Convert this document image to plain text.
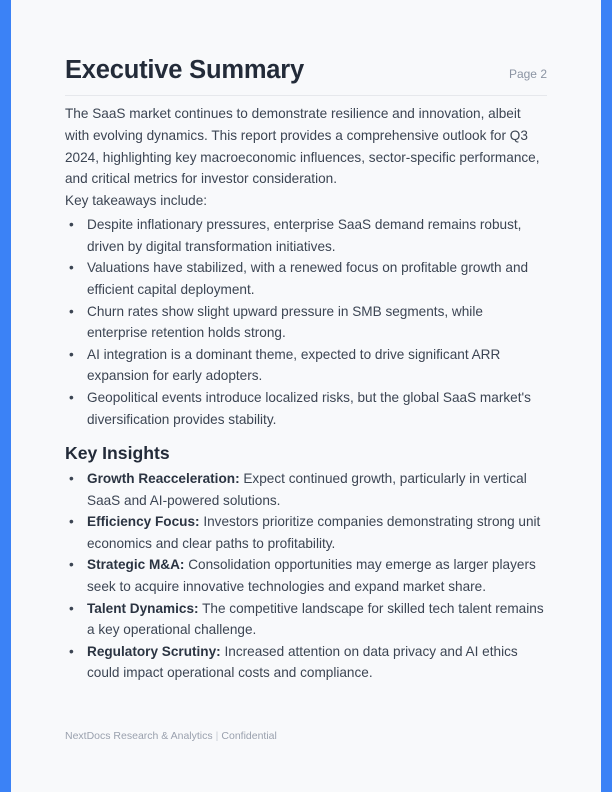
Executive Summary	Page 2

The SaaS market continues to demonstrate resilience and innovation, albeit with evolving dynamics. This report provides a comprehensive outlook for Q3 2024, highlighting key macroeconomic influences, sector-specific performance, and critical metrics for investor consideration.

Key takeaways include:

• Despite inflationary pressures, enterprise SaaS demand remains robust, driven by digital transformation initiatives.
• Valuations have stabilized, with a renewed focus on profitable growth and efficient capital deployment.
• Churn rates show slight upward pressure in SMB segments, while enterprise retention holds strong.
• AI integration is a dominant theme, expected to drive significant ARR expansion for early adopters.
• Geopolitical events introduce localized risks, but the global SaaS market's diversification provides stability.
Key Insights
• Growth Reacceleration: Expect continued growth, particularly in vertical SaaS and AI-powered solutions.
• Efficiency Focus: Investors prioritize companies demonstrating strong unit economics and clear paths to profitability.
• Strategic M&A: Consolidation opportunities may emerge as larger players seek to acquire innovative technologies and expand market share.
• Talent Dynamics: The competitive landscape for skilled tech talent remains a key operational challenge.
• Regulatory Scrutiny: Increased attention on data privacy and AI ethics could impact operational costs and compliance.
NextDocs Research & Analytics | Confidential
